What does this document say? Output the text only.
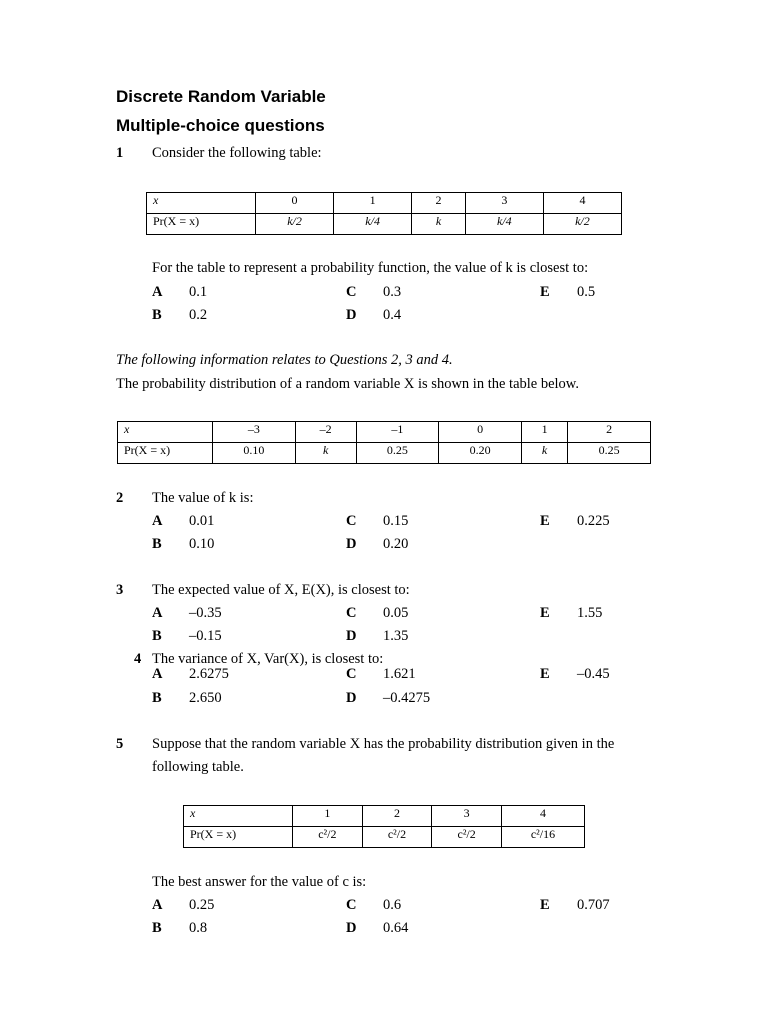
Discrete Random Variable
Multiple-choice questions
1 Consider the following table:
x	0	1	2	3	4
Pr(X = x)	k/2	k/4	k	k/4	k/2
For the table to represent a probability function, the value of k is closest to:
A 0.1
B 0.2
C 0.3
D 0.4
E 0.5
The following information relates to Questions 2, 3 and 4.
The probability distribution of a random variable X is shown in the table below.
x	–3	–2	–1	0	1	2
Pr(X = x)	0.10	k	0.25	0.20	k	0.25
2 The value of k is:
A 0.01
B 0.10
C 0.15
D 0.20
E 0.225
3 The expected value of X, E(X), is closest to:
A –0.35
B –0.15
C 0.05
D 1.35
E 1.55
4 The variance of X, Var(X), is closest to:
A 2.6275
B 2.650
C 1.621
D –0.4275
E –0.45
5 Suppose that the random variable X has the probability distribution given in the
following table.
x	1	2	3	4
Pr(X = x)	c²/2	c²/2	c²/2	c²/16
The best answer for the value of c is:
A 0.25
B 0.8
C 0.6
D 0.64
E 0.707
